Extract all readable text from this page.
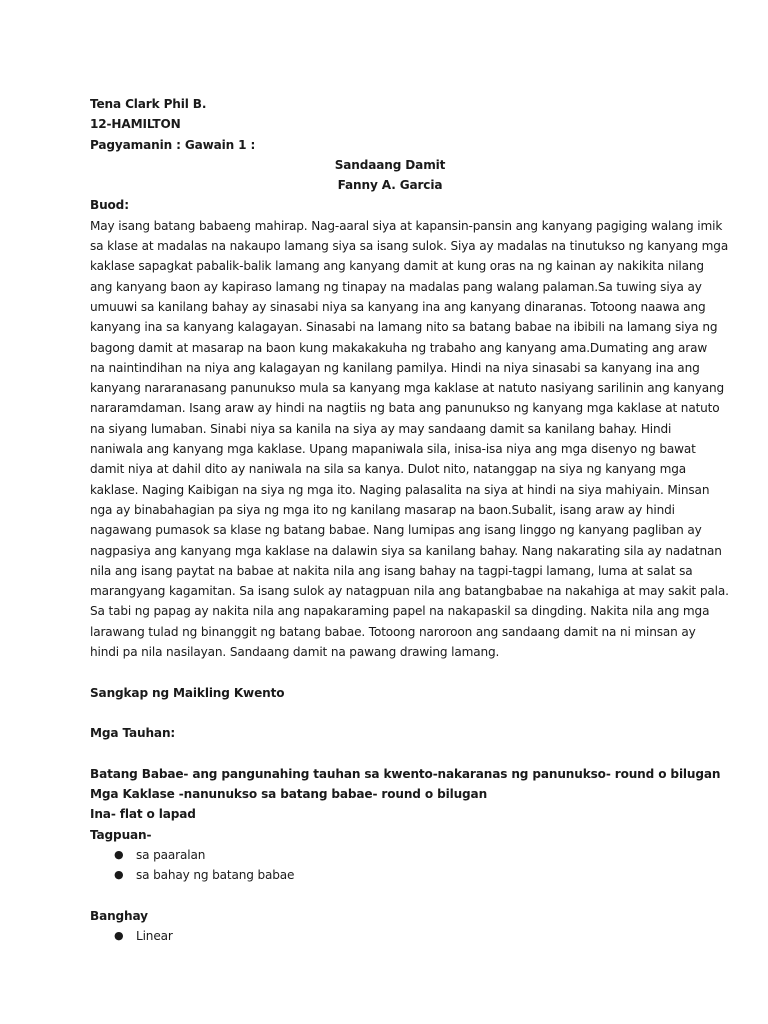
Tena Clark Phil B.
12-HAMILTON
Pagyamanin : Gawain 1 :
Sandaang Damit
Fanny A. Garcia
Buod:
May isang batang babaeng mahirap. Nag-aaral siya at kapansin-pansin ang kanyang pagiging walang imik
sa klase at madalas na nakaupo lamang siya sa isang sulok. Siya ay madalas na tinutukso ng kanyang mga
kaklase sapagkat pabalik-balik lamang ang kanyang damit at kung oras na ng kainan ay nakikita nilang
ang kanyang baon ay kapiraso lamang ng tinapay na madalas pang walang palaman.Sa tuwing siya ay
umuuwi sa kanilang bahay ay sinasabi niya sa kanyang ina ang kanyang dinaranas. Totoong naawa ang
kanyang ina sa kanyang kalagayan. Sinasabi na lamang nito sa batang babae na ibibili na lamang siya ng
bagong damit at masarap na baon kung makakakuha ng trabaho ang kanyang ama.Dumating ang araw
na naintindihan na niya ang kalagayan ng kanilang pamilya. Hindi na niya sinasabi sa kanyang ina ang
kanyang nararanasang panunukso mula sa kanyang mga kaklase at natuto nasiyang sarilinin ang kanyang
nararamdaman. Isang araw ay hindi na nagtiis ng bata ang panunukso ng kanyang mga kaklase at natuto
na siyang lumaban. Sinabi niya sa kanila na siya ay may sandaang damit sa kanilang bahay. Hindi
naniwala ang kanyang mga kaklase. Upang mapaniwala sila, inisa-isa niya ang mga disenyo ng bawat
damit niya at dahil dito ay naniwala na sila sa kanya. Dulot nito, natanggap na siya ng kanyang mga
kaklase. Naging Kaibigan na siya ng mga ito. Naging palasalita na siya at hindi na siya mahiyain. Minsan
nga ay binabahagian pa siya ng mga ito ng kanilang masarap na baon.Subalit, isang araw ay hindi
nagawang pumasok sa klase ng batang babae. Nang lumipas ang isang linggo ng kanyang pagliban ay
nagpasiya ang kanyang mga kaklase na dalawin siya sa kanilang bahay. Nang nakarating sila ay nadatnan
nila ang isang paytat na babae at nakita nila ang isang bahay na tagpi-tagpi lamang, luma at salat sa
marangyang kagamitan. Sa isang sulok ay natagpuan nila ang batangbabae na nakahiga at may sakit pala.
Sa tabi ng papag ay nakita nila ang napakaraming papel na nakapaskil sa dingding. Nakita nila ang mga
larawang tulad ng binanggit ng batang babae. Totoong naroroon ang sandaang damit na ni minsan ay
hindi pa nila nasilayan. Sandaang damit na pawang drawing lamang.
Sangkap ng Maikling Kwento
Mga Tauhan:
Batang Babae- ang pangunahing tauhan sa kwento-nakaranas ng panunukso- round o bilugan
Mga Kaklase -nanunukso sa batang babae- round o bilugan
Ina- flat o lapad
Tagpuan-
● sa paaralan
● sa bahay ng batang babae
Banghay
● Linear
